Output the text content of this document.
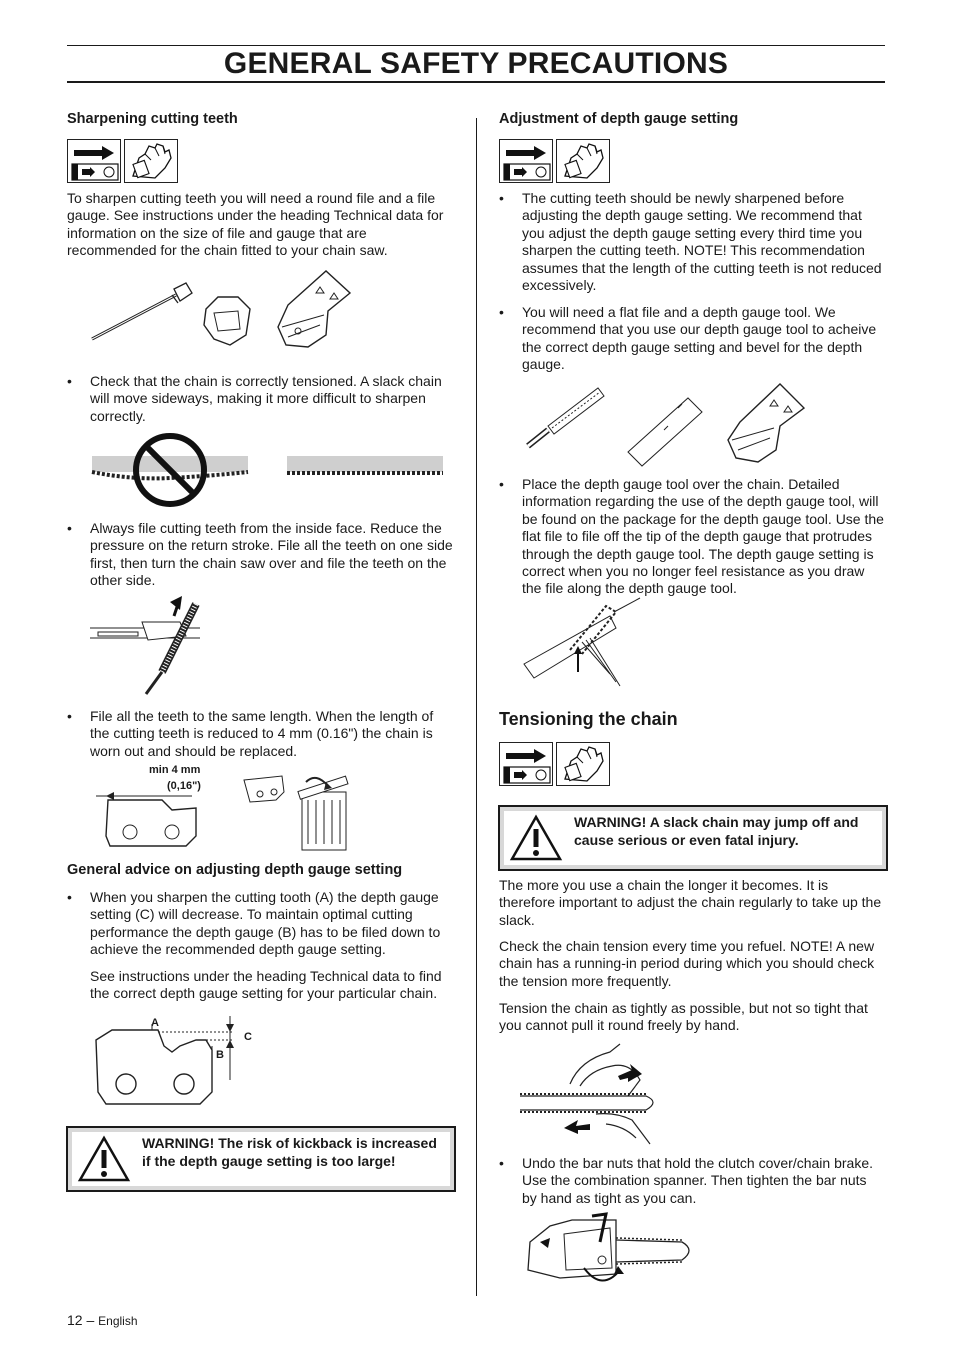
GENERAL SAFETY PRECAUTIONS
Sharpening cutting teeth
To sharpen cutting teeth you will need a round file and a file
gauge. See instructions under the heading Technical data for
information on the size of file and gauge that are
recommended for the chain fitted to your chain saw.
• Check that the chain is correctly tensioned. A slack chain
will move sideways, making it more difficult to sharpen
correctly.
• Always file cutting teeth from the inside face. Reduce the
pressure on the return stroke. File all the teeth on one side
first, then turn the chain saw over and file the teeth on the
other side.
• File all the teeth to the same length. When the length of
the cutting teeth is reduced to 4 mm (0.16") the chain is
worn out and should be replaced.
min 4 mm
(0,16")
General advice on adjusting depth gauge setting
• When you sharpen the cutting tooth (A) the depth gauge
setting (C) will decrease. To maintain optimal cutting
performance the depth gauge (B) has to be filed down to
achieve the recommended depth gauge setting.
See instructions under the heading Technical data to find
the correct depth gauge setting for your particular chain.
A
B
C
WARNING! The risk of kickback is increased
if the depth gauge setting is too large!
Adjustment of depth gauge setting
• The cutting teeth should be newly sharpened before
adjusting the depth gauge setting. We recommend that
you adjust the depth gauge setting every third time you
sharpen the cutting teeth. NOTE! This recommendation
assumes that the length of the cutting teeth is not reduced
excessively.
• You will need a flat file and a depth gauge tool. We
recommend that you use our depth gauge tool to acheive
the correct depth gauge setting and bevel for the depth
gauge.
• Place the depth gauge tool over the chain. Detailed
information regarding the use of the depth gauge tool, will
be found on the package for the depth gauge tool. Use the
flat file to file off the tip of the depth gauge that protrudes
through the depth gauge tool. The depth gauge setting is
correct when you no longer feel resistance as you draw
the file along the depth gauge tool.
Tensioning the chain
WARNING! A slack chain may jump off and
cause serious or even fatal injury.
The more you use a chain the longer it becomes. It is
therefore important to adjust the chain regularly to take up the
slack.
Check the chain tension every time you refuel. NOTE! A new
chain has a running-in period during which you should check
the tension more frequently.
Tension the chain as tightly as possible, but not so tight that
you cannot pull it round freely by hand.
• Undo the bar nuts that hold the clutch cover/chain brake.
Use the combination spanner. Then tighten the bar nuts
by hand as tight as you can.
12 – English
